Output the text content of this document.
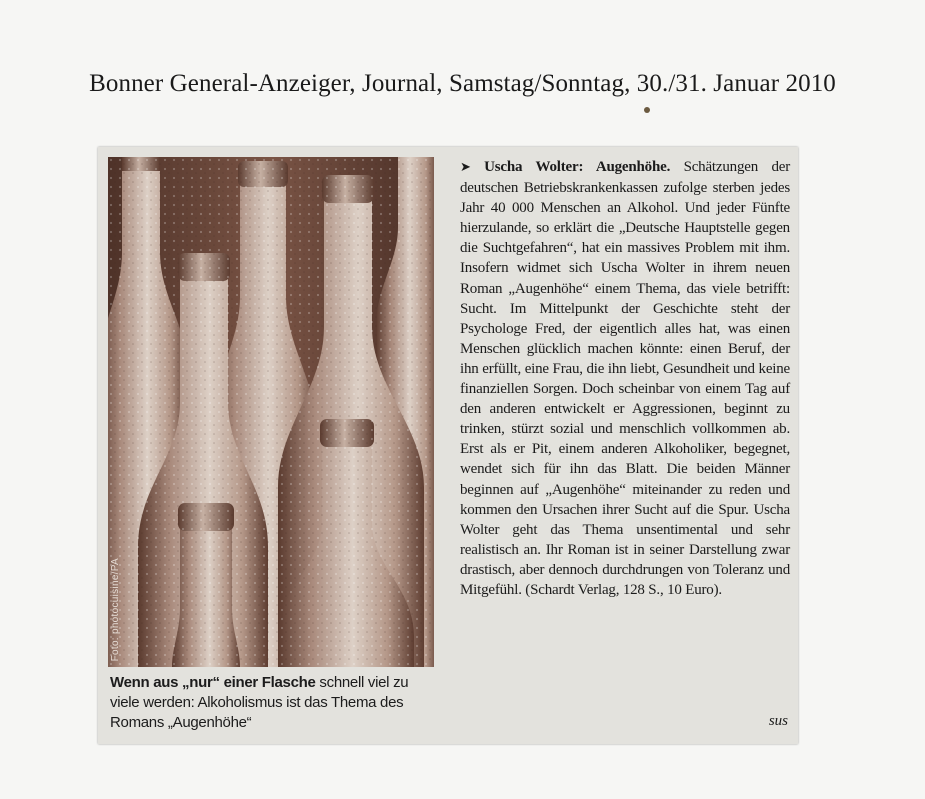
Bonner General-Anzeiger, Journal, Samstag/Sonntag, 30./31. Januar 2010
Foto: photocuisine/PA
Wenn aus „nur“ einer Flasche schnell viel zu viele werden: Alkoholismus ist das Thema des Romans „Augenhöhe“
➤ Uscha Wolter: Augenhöhe. Schätzungen der deutschen Betriebskrankenkassen zufolge sterben jedes Jahr 40 000 Menschen an Alkohol. Und jeder Fünfte hierzulande, so erklärt die „Deutsche Hauptstelle gegen die Suchtgefahren“, hat ein massives Problem mit ihm. Insofern widmet sich Uscha Wolter in ihrem neuen Roman „Augenhöhe“ einem Thema, das viele betrifft: Sucht. Im Mittelpunkt der Geschichte steht der Psychologe Fred, der eigentlich alles hat, was einen Menschen glücklich machen könnte: einen Beruf, der ihn erfüllt, eine Frau, die ihn liebt, Gesundheit und keine finanziellen Sorgen. Doch scheinbar von einem Tag auf den anderen entwickelt er Aggressionen, beginnt zu trinken, stürzt sozial und menschlich vollkommen ab. Erst als er Pit, einem anderen Alkoholiker, begegnet, wendet sich für ihn das Blatt. Die beiden Männer beginnen auf „Augenhöhe“ miteinander zu reden und kommen den Ursachen ihrer Sucht auf die Spur. Uscha Wolter geht das Thema unsentimental und sehr realistisch an. Ihr Roman ist in seiner Darstellung zwar drastisch, aber dennoch durchdrungen von Toleranz und Mitgefühl. (Schardt Verlag, 128 S., 10 Euro).
sus
